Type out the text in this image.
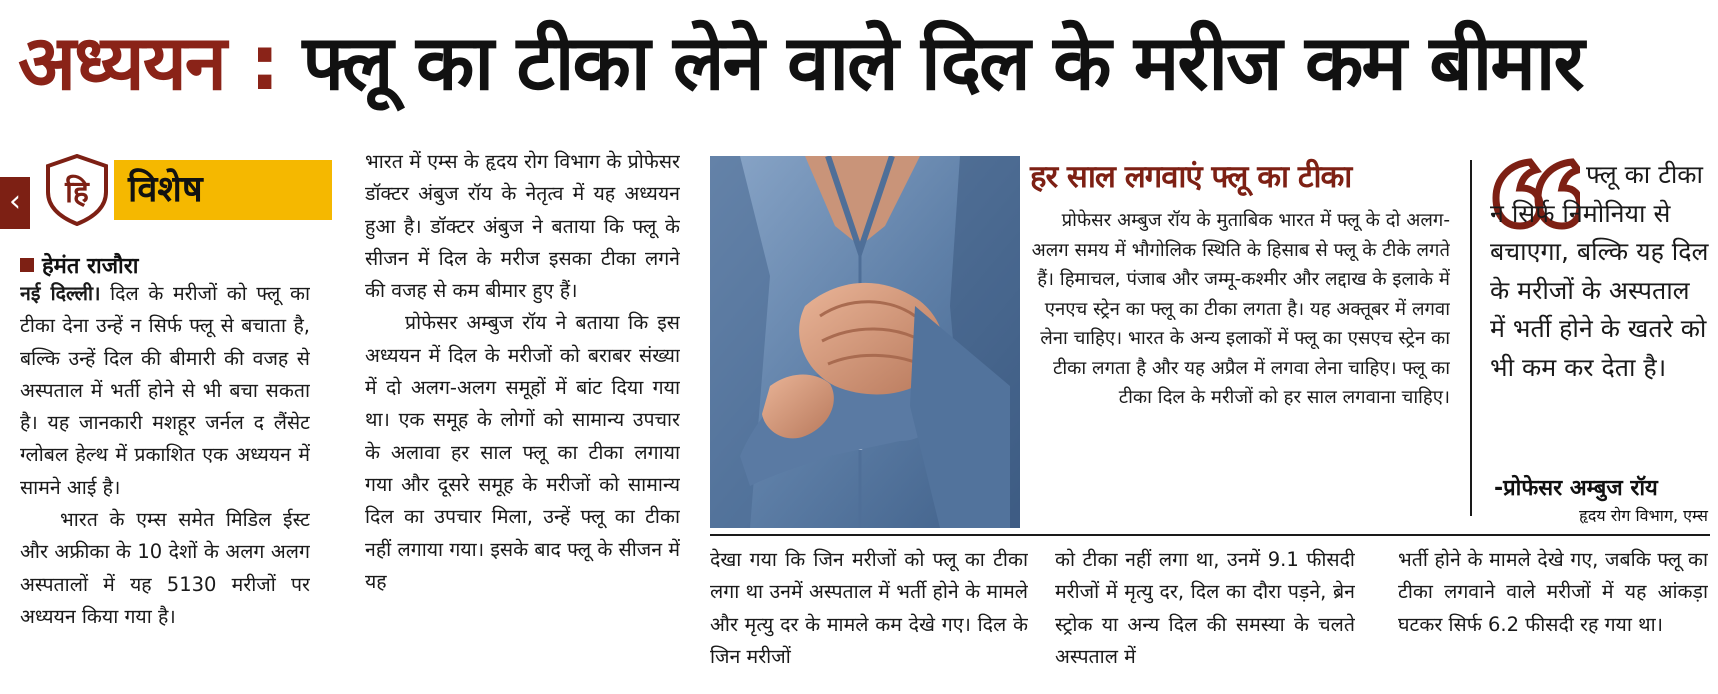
अध्ययन : फ्लू का टीका लेने वाले दिल के मरीज कम बीमार
‹	हि	विशेष
हेमंत राजौरा

नई दिल्ली। दिल के मरीजों को फ्लू का टीका देना उन्हें न सिर्फ फ्लू से बचाता है, बल्कि उन्हें दिल की बीमारी की वजह से अस्पताल में भर्ती होने से भी बचा सकता है। यह जानकारी मशहूर जर्नल द लैंसेट ग्लोबल हेल्थ में प्रकाशित एक अध्ययन में सामने आई है।

भारत के एम्स समेत मिडिल ईस्ट और अफ्रीका के 10 देशों के अलग अलग अस्पतालों में यह 5130 मरीजों पर अध्ययन किया गया है।

भारत में एम्स के हृदय रोग विभाग के प्रोफेसर डॉक्टर अंबुज रॉय के नेतृत्व में यह अध्ययन हुआ है। डॉक्टर अंबुज ने बताया कि फ्लू के सीजन में दिल के मरीज इसका टीका लगने की वजह से कम बीमार हुए हैं।

प्रोफेसर अम्बुज रॉय ने बताया कि इस अध्ययन में दिल के मरीजों को बराबर संख्या में दो अलग-अलग समूहों में बांट दिया गया था। एक समूह के लोगों को सामान्य उपचार के अलावा हर साल फ्लू का टीका लगाया गया और दूसरे समूह के मरीजों को सामान्य दिल का उपचार मिला, उन्हें फ्लू का टीका नहीं लगाया गया। इसके बाद फ्लू के सीजन में यह

हर साल लगवाएं फ्लू का टीका
प्रोफेसर अम्बुज रॉय के मुताबिक भारत में फ्लू के दो अलग-अलग समय में भौगोलिक स्थिति के हिसाब से फ्लू के टीके लगते हैं। हिमाचल, पंजाब और जम्मू-कश्मीर और लद्दाख के इलाके में एनएच स्ट्रेन का फ्लू का टीका लगता है। यह अक्तूबर में लगवा लेना चाहिए। भारत के अन्य इलाकों में फ्लू का एसएच स्ट्रेन का टीका लगता है और यह अप्रैल में लगवा लेना चाहिए। फ्लू का टीका दिल के मरीजों को हर साल लगवाना चाहिए।
फ्लू का टीका न सिर्फ निमोनिया से बचाएगा, बल्कि यह दिल के मरीजों के अस्पताल में भर्ती होने के खतरे को भी कम कर देता है।
-प्रोफेसर अम्बुज रॉय
हृदय रोग विभाग, एम्स

देखा गया कि जिन मरीजों को फ्लू का टीका लगा था उनमें अस्पताल में भर्ती होने के मामले और मृत्यु दर के मामले कम देखे गए। दिल के जिन मरीजों

को टीका नहीं लगा था, उनमें 9.1 फीसदी मरीजों में मृत्यु दर, दिल का दौरा पड़ने, ब्रेन स्ट्रोक या अन्य दिल की समस्या के चलते अस्पताल में

भर्ती होने के मामले देखे गए, जबकि फ्लू का टीका लगवाने वाले मरीजों में यह आंकड़ा घटकर सिर्फ 6.2 फीसदी रह गया था।
